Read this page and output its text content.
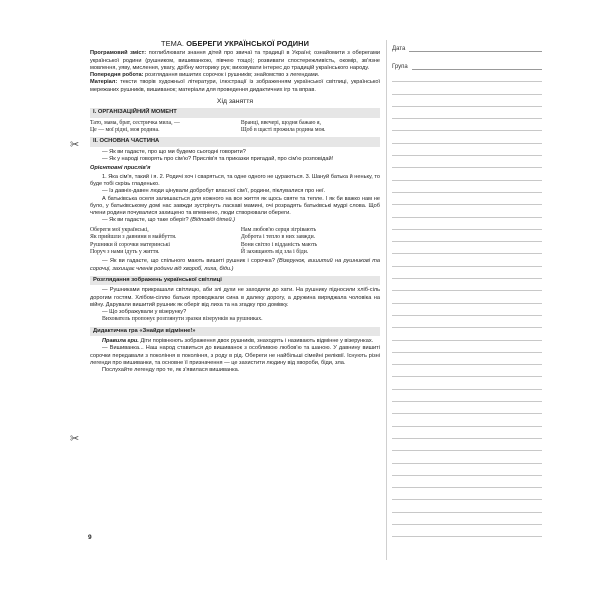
✂
✂
ТЕМА. ОБЕРЕГИ УКРАЇНСЬКОЇ РОДИНИ

Програмовий зміст: поглиблювати знання дітей про звичаї та традиції в Україні; ознайомити з оберегами української родини (рушником, вишиванкою, півчею тощо); розвивати спостережливість, окомір, зв'язне мовлення, уяву, мислення, увагу, дрібну моторику рук; виховувати інтерес до традицій українського народу.

Попередня робота: розглядання вишитих сорочок і рушників; знайомство з легендами.

Матеріал: тексти творів художньої літератури, ілюстрації із зображенням української світлиці, української мережаних рушників, вишиванок; матеріали для проведення дидактичних ігр та вправ.

Хід заняття
І. ОРГАНІЗАЦІЙНИЙ МОМЕНТ
Тато, мама, брат, сестричка мила, —
Це — мої рідні, моя родина.
Вранці, ввечері, щодня бажаю я,
Щоб в щасті прожила родина моя.
ІІ. ОСНОВНА ЧАСТИНА

— Як ви гадаєте, про що ми будемо сьогодні говорити?

— Як у народі говорять про сім'ю? Прислів'я та приказки пригадай, про сім'ю розповідай!

Орієнтовні прислів'я

1. Яка сім'я, такий і я. 2. Родичі хоч і сваряться, та одне одного не цураються. 3. Шануй батька й неньку, то буде тобі скрізь гладенько.

— Із давніх-давен люди цінували добробут власної сім'ї, родини, піклувалися про неї.

А батьківська оселя залишається для кожного на все життя як щось святе та тепле. І як би важко нам не було, у батьківському домі нас завжди зустрінуть ласкаві мамині, очі розрадять батьківські мудрі слова. Щоб члени родини почувалися захищено та впевнено, люди створювали обереги.

— Як ви гадаєте, що таке оберіг? (Відповіді дітей.)

Обереги мої українські,
Як прийшли з давнини в майбуття.
Рушники й сорочки материнські
Поруч з нами ідуть у життя.
Нам любов'ю серця зігрівають
Доброта і тепло в них завжди.
Вони світло і відданість мають
Й захищають від зла і біди.

— Як ви гадаєте, що спільного мають вишиті рушник і сорочка? (Візерунок, вишитий на рушникові та сорочці, захищає членів родини від хвороб, лиха, біди.)

Розглядання зображень української світлиці

— Рушниками прикрашали світлицю, аби злі духи не заходили до хати. На рушнику підносили хліб-сіль дорогим гостям. Хлібом-сіллю батьки проводжали сина в далеку дорогу, а дружина виряджала чоловіка на війну. Дарували вишитий рушник як оберіг від лиха та на згадку про домівку.

— Що зображували у візерунку?

Вихователь пропонує розглянути зразки візерунків на рушниках.

Дидактична гра «Знайди відмінне!»

Правила гри. Діти порівнюють зображення двох рушників, знаходять і називають відмінне у візерунках.

— Вишиванка... Наш народ ставиться до вишиванок з особливою любов'ю та шаною. У давнину вишиті сорочки передавали з покоління в покоління, з роду в рід. Обереги не найбільші сімейні реліквії. Існують різні легенди про вишиванки, та основне її призначення — це захистити людину від хвороби, біди, зла.

Послухайте легенду про те, як з'явилася вишиванка.

Дата
Група
9
